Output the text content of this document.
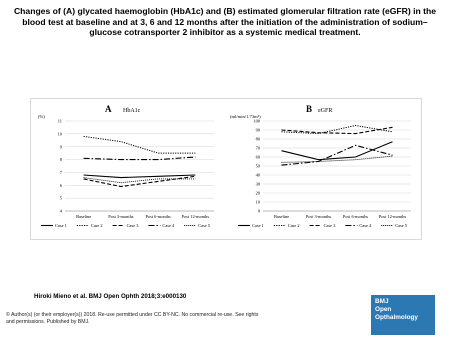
Changes of (A) glycated haemoglobin (HbA1c) and (B) estimated glomerular filtration rate (eGFR) in the blood test at baseline and at 3, 6 and 12 months after the initiation of the administration of sodium–glucose cotransporter 2 inhibitor as a systemic medical treatment.
A HbA1c
(%)
4
5
6
7
8
9
10
11
Baseline	Post 3-months	Post 6-months Post 12-months
Case 1	Case 2	Case 3	Case 4	Case 5
B eGFR
(ml/min/1.73m²)
0
10
20
30
40
50
60
70
80
90
100
Baseline	Post 3-months	Post 6-months Post 12-months
Case 1	Case 2	Case 3	Case 4	Case 5
Hiroki Mieno et al. BMJ Open Ophth 2018;3:e000130
© Author(s) (or their employer(s)) 2018. Re-use permitted under CC BY-NC. No commercial re-use. See rights and permissions. Published by BMJ.
BMJ
Open
Opthalmology
